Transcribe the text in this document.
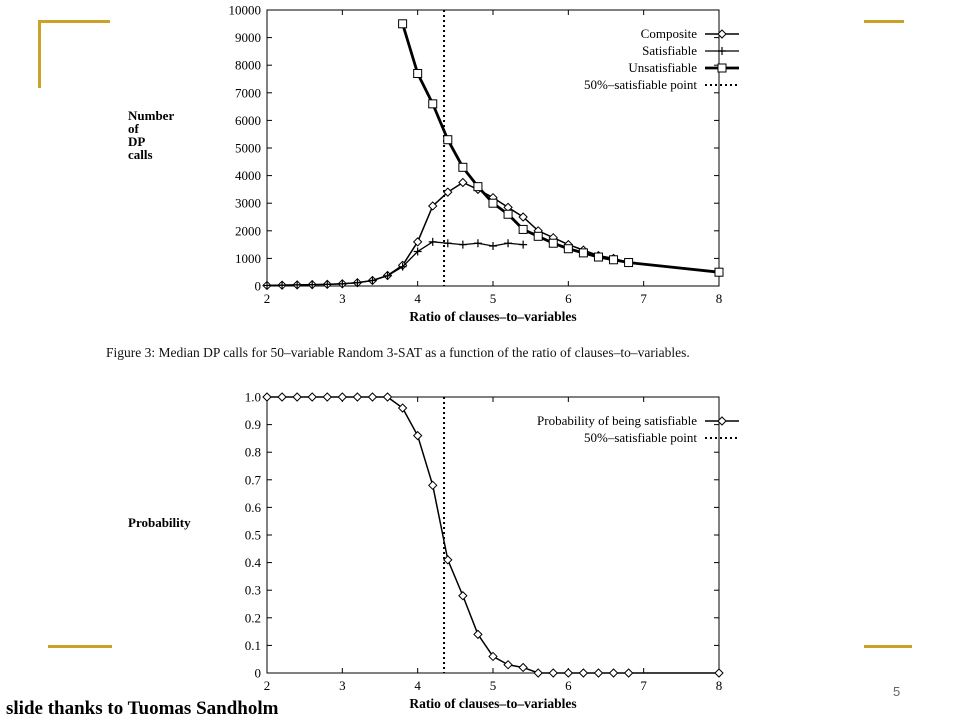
2	3	4	5	6	7	8
0
1000
2000
3000
4000
5000
6000
7000
8000
9000
10000
Ratio of clauses–to–variables
Number
of
DP
calls
Composite
Satisfiable
Unsatisfiable
50%–satisfiable point
Figure 3: Median DP calls for 50–variable Random 3-SAT as a function of the ratio of clauses–to–variables.
2	3	4	5	6	7	8
0
0.1
0.2
0.3
0.4
0.5
0.6
0.7
0.8
0.9
1.0
Ratio of clauses–to–variables
Probability
Probability of being satisfiable
50%–satisfiable point
slide thanks to Tuomas Sandholm
5
